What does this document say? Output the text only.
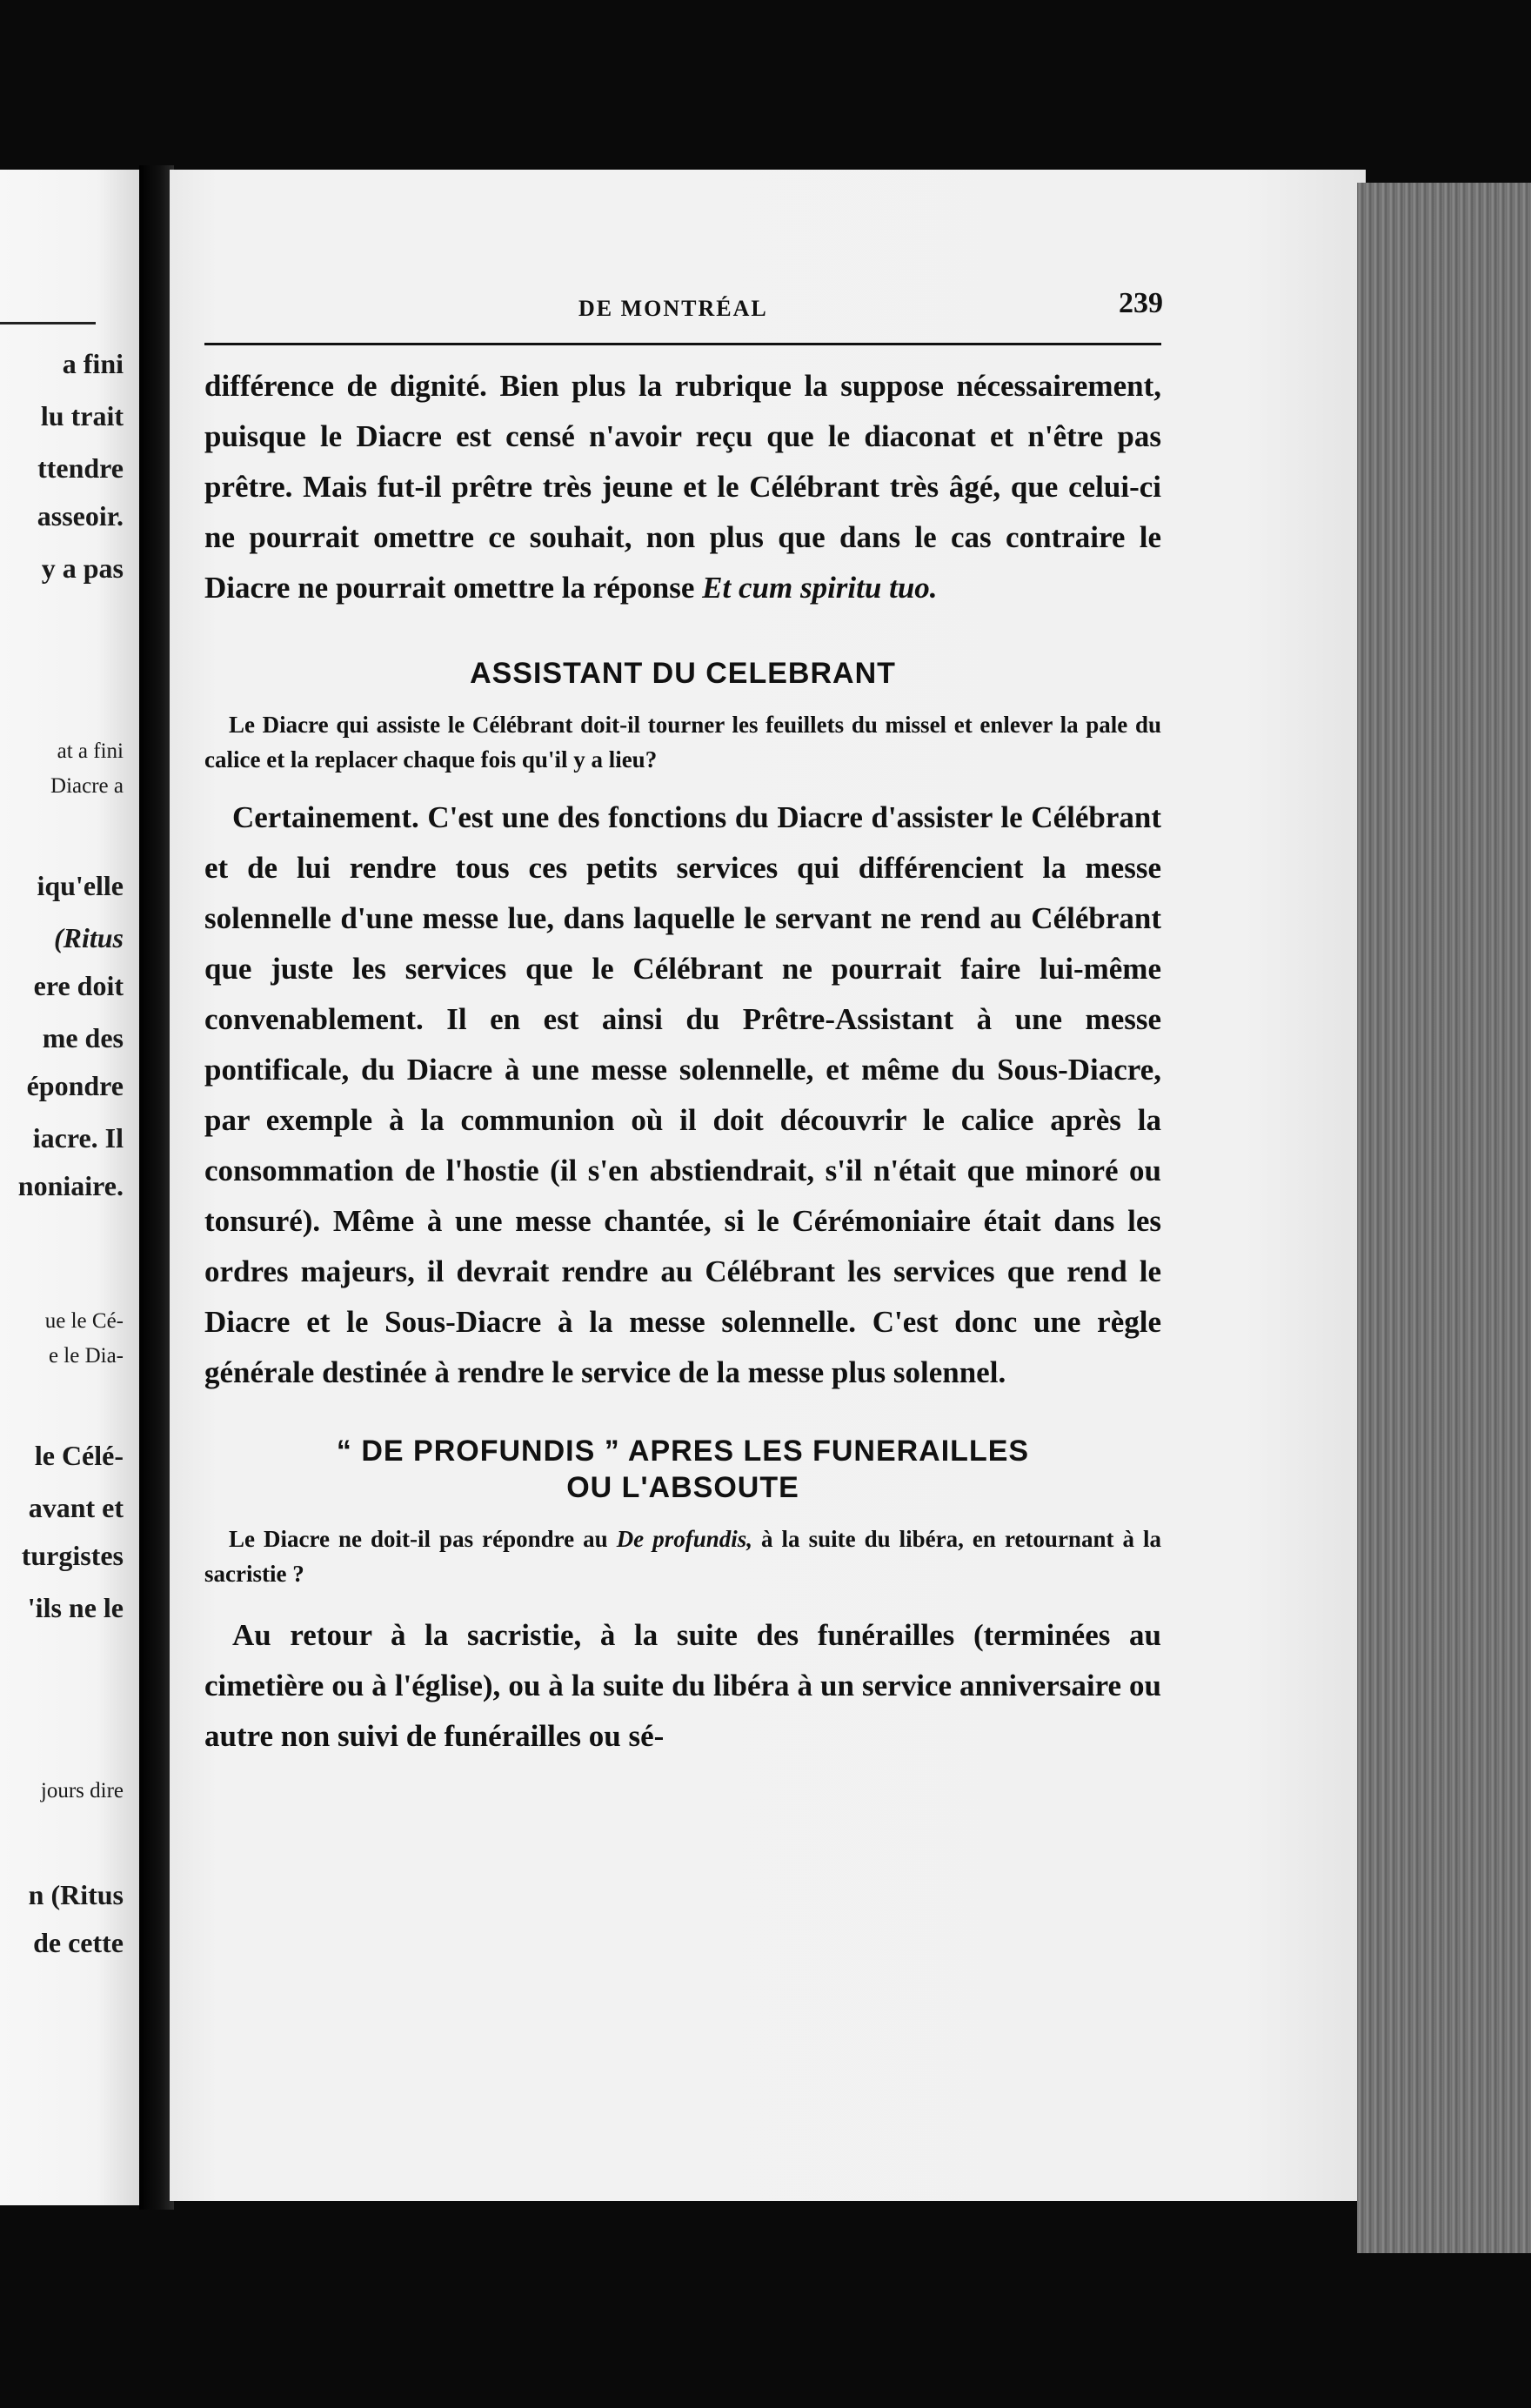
a fini
lu trait
ttendre
asseoir.
y a pas
at a fini
Diacre a
iqu'elle
(Ritus
ere doit
me des
épondre
iacre. Il
noniaire.
ue le Cé-
e le Dia-
le Célé-
avant et
turgistes
'ils ne le
jours dire
n (Ritus
de cette
DE MONTRÉAL	239

différence de dignité. Bien plus la rubrique la suppose nécessairement, puisque le Diacre est censé n'avoir reçu que le diaconat et n'être pas prêtre. Mais fut-il prêtre très jeune et le Célébrant très âgé, que celui-ci ne pourrait omettre ce souhait, non plus que dans le cas contraire le Diacre ne pourrait omettre la réponse Et cum spiritu tuo.

ASSISTANT DU CELEBRANT

Le Diacre qui assiste le Célébrant doit-il tourner les feuillets du missel et enlever la pale du calice et la replacer chaque fois qu'il y a lieu?

Certainement. C'est une des fonctions du Diacre d'assister le Célébrant et de lui rendre tous ces petits services qui différencient la messe solennelle d'une messe lue, dans laquelle le servant ne rend au Célébrant que juste les services que le Célébrant ne pourrait faire lui-même convenablement. Il en est ainsi du Prêtre-Assistant à une messe pontificale, du Diacre à une messe solennelle, et même du Sous-Diacre, par exemple à la communion où il doit découvrir le calice après la consommation de l'hostie (il s'en abstiendrait, s'il n'était que minoré ou tonsuré). Même à une messe chantée, si le Cérémoniaire était dans les ordres majeurs, il devrait rendre au Célébrant les services que rend le Diacre et le Sous-Diacre à la messe solennelle. C'est donc une règle générale destinée à rendre le service de la messe plus solennel.

“ DE PROFUNDIS ” APRES LES FUNERAILLES
OU L'ABSOUTE

Le Diacre ne doit-il pas répondre au De profundis, à la suite du libéra, en retournant à la sacristie ?

Au retour à la sacristie, à la suite des funérailles (terminées au cimetière ou à l'église), ou à la suite du libéra à un service anniversaire ou autre non suivi de funérailles ou sé-
